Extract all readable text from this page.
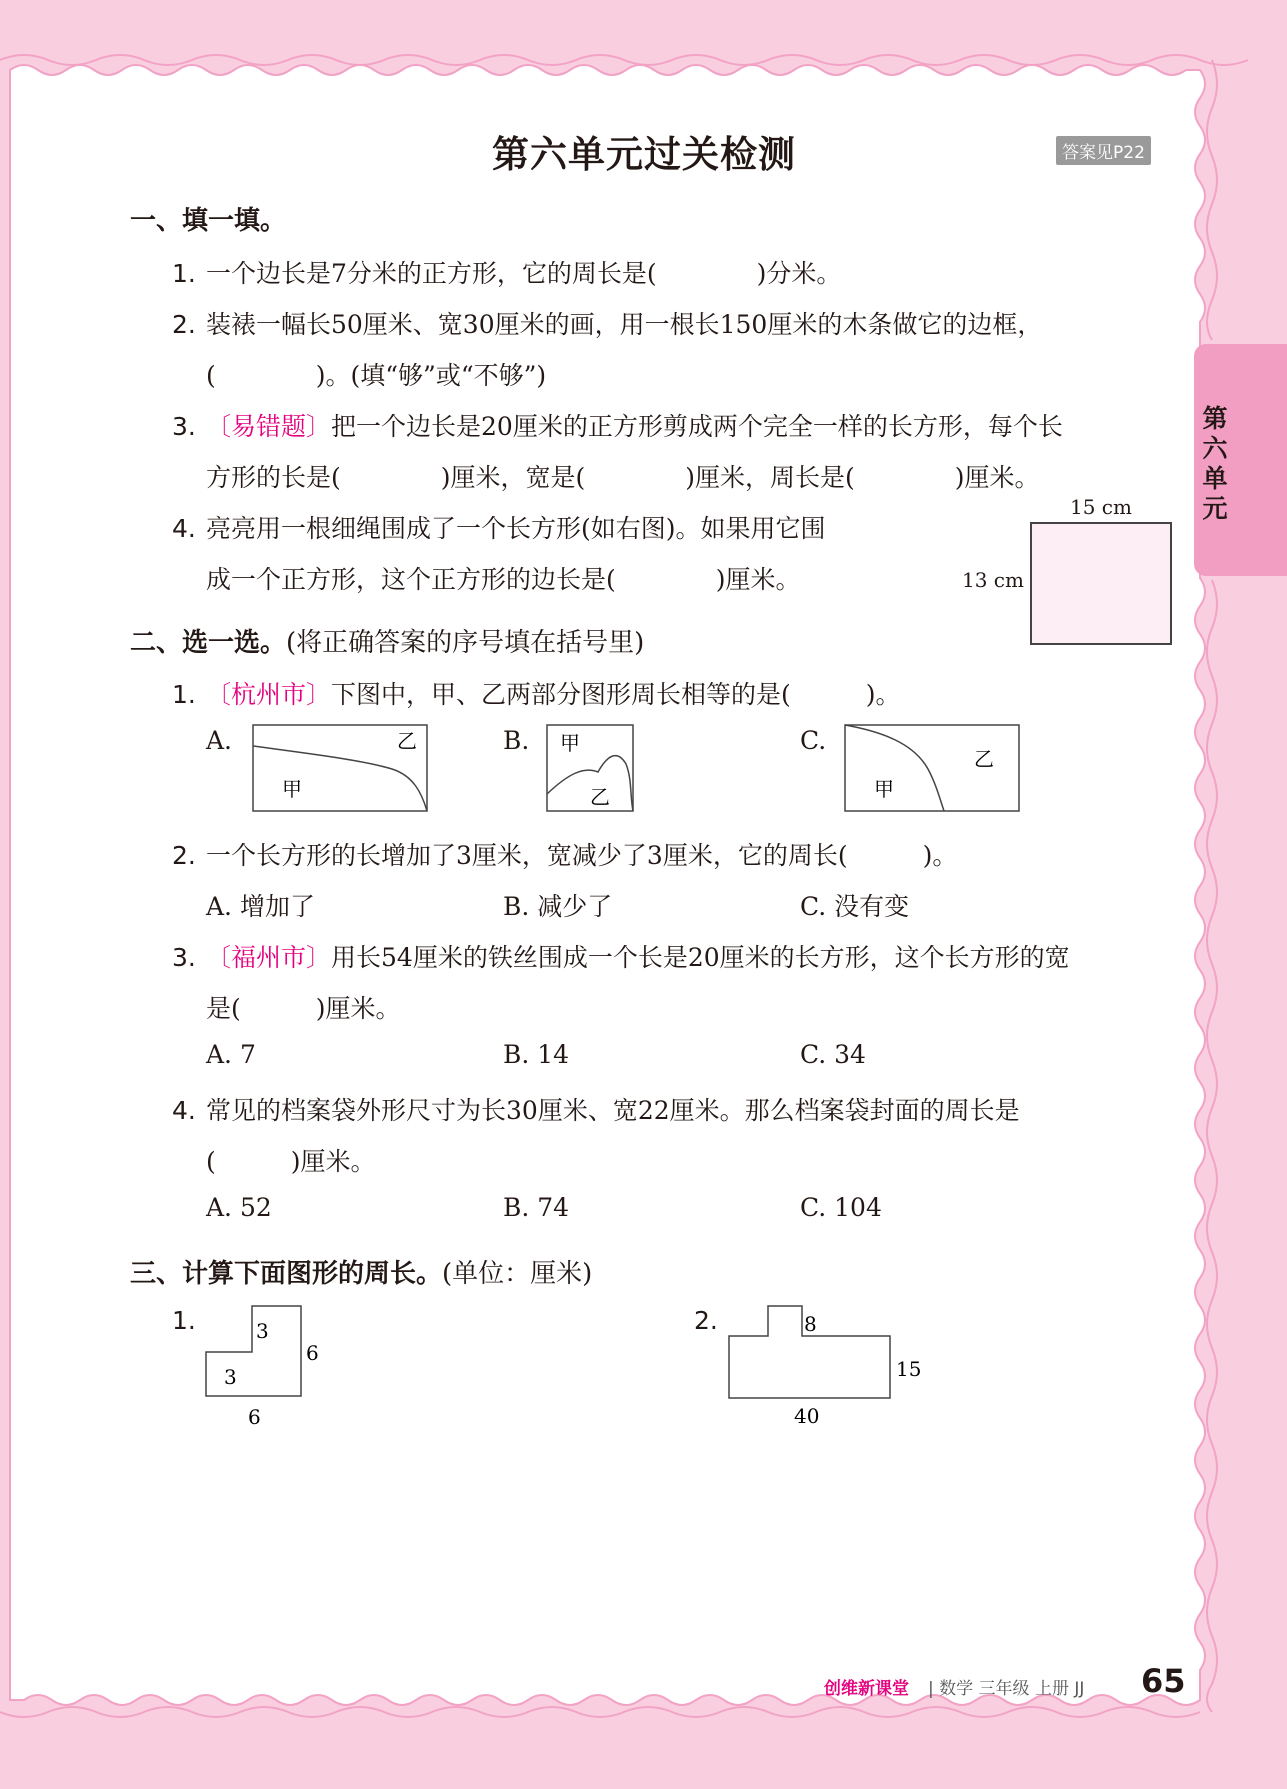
第六单元
第六单元过关检测	答案见P22
一、填一填。
1. 一个边长是7分米的正方形，它的周长是(　　　　)分米。
2. 装裱一幅长50厘米、宽30厘米的画，用一根长150厘米的木条做它的边框，
(　　　　)。(填“够”或“不够”)
3. 〔易错题〕把一个边长是20厘米的正方形剪成两个完全一样的长方形，每个长
方形的长是(　　　　)厘米，宽是(　　　　)厘米，周长是(　　　　)厘米。
4. 亮亮用一根细绳围成了一个长方形(如右图)。如果用它围
成一个正方形，这个正方形的边长是(　　　　)厘米。
15 cm
13 cm
二、选一选。(将正确答案的序号填在括号里)
1. 〔杭州市〕下图中，甲、乙两部分图形周长相等的是(　　　)。
A.	乙
甲
B. 甲
乙
C.
乙
甲
2. 一个长方形的长增加了3厘米，宽减少了3厘米，它的周长(　　　)。
A. 增加了	B. 减少了	C. 没有变
3. 〔福州市〕用长54厘米的铁丝围成一个长是20厘米的长方形，这个长方形的宽
是(　　　)厘米。
A. 7	B. 14	C. 34
4. 常见的档案袋外形尺寸为长30厘米、宽22厘米。那么档案袋封面的周长是
(　　　)厘米。
A. 52	B. 74	C. 104
三、计算下面图形的周长。(单位：厘米)
1.	3
3
6
6
2.	8
15
40
创维新课堂 | 数学 三年级 上册 JJ 65
